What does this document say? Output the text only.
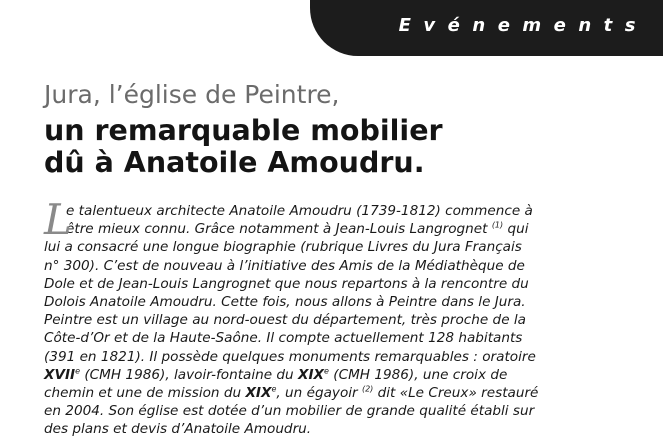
Evénements
Jura, l’église de Peintre,
un remarquable mobilier
dû à Anatoile Amoudru.
L
e talentueux architecte Anatoile Amoudru (1739-1812) commence à
être mieux connu. Grâce notamment à Jean-Louis Langrognet $^{(1)}$ qui
lui a consacré une longue biographie (rubrique Livres du Jura Français
n° 300). C’est de nouveau à l’initiative des Amis de la Médiathèque de
Dole et de Jean-Louis Langrognet que nous repartons à la rencontre du
Dolois Anatoile Amoudru. Cette fois, nous allons à Peintre dans le Jura.
Peintre est un village au nord-ouest du département, très proche de la
Côte-d’Or et de la Haute-Saône. Il compte actuellement 128 habitants
(391 en 1821). Il possède quelques monuments remarquables : oratoire
XVIIe (CMH 1986), lavoir-fontaine du XIXe (CMH 1986), une croix de
chemin et une de mission du XIXe, un égayoir $^{(2)}$ dit «Le Creux» restauré
en 2004. Son église est dotée d’un mobilier de grande qualité établi sur
des plans et devis d’Anatoile Amoudru.
